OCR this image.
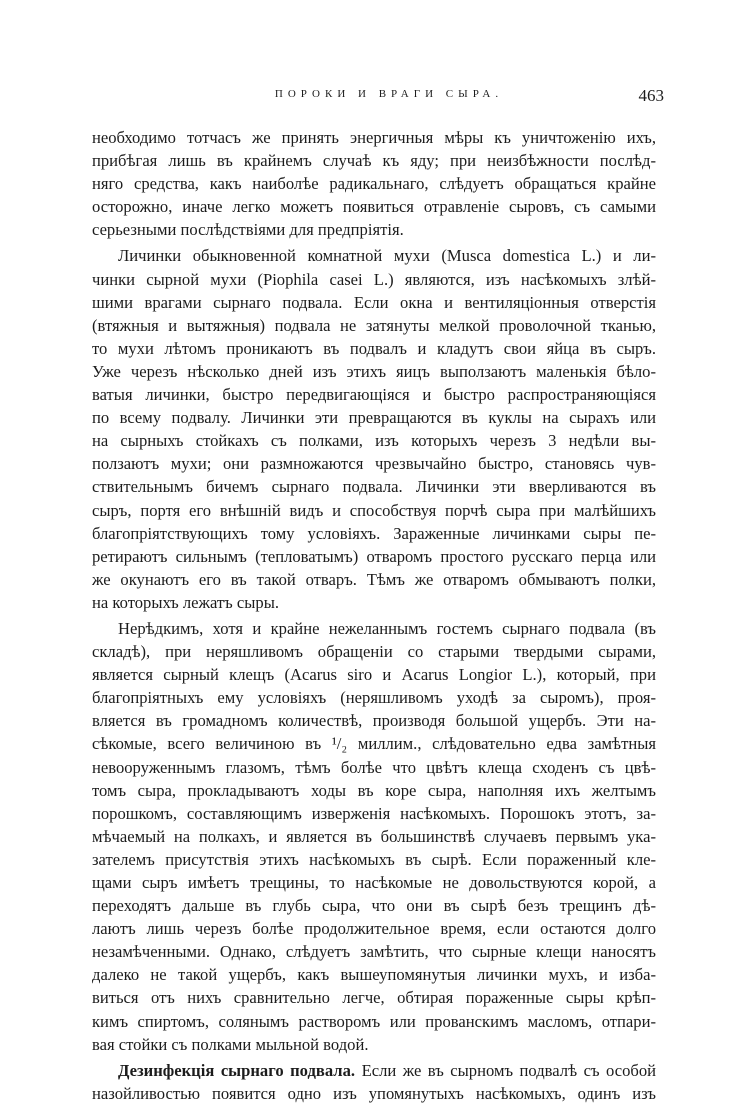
ПОРОКИ И ВРАГИ СЫРА.	463
необходимо тотчасъ же принять энергичныя мѣры къ уничтоженію ихъ,
прибѣгая лишь въ крайнемъ случаѣ къ яду; при неизбѣжности послѣд-
няго средства, какъ наиболѣе радикальнаго, слѣдуетъ обращаться крайне
осторожно, иначе легко можетъ появиться отравленіе сыровъ, съ самыми
серьезными послѣдствіями для предпріятія.
Личинки обыкновенной комнатной мухи (Musca domestica L.) и ли-
чинки сырной мухи (Piophila casei L.) являются, изъ насѣкомыхъ злѣй-
шими врагами сырнаго подвала. Если окна и вентиляціонныя отверстія
(втяжныя и вытяжныя) подвала не затянуты мелкой проволочной тканью,
то мухи лѣтомъ проникаютъ въ подвалъ и кладутъ свои яйца въ сыръ.
Уже черезъ нѣсколько дней изъ этихъ яицъ выползаютъ маленькія бѣло-
ватыя личинки, быстро передвигающіяся и быстро распространяющіяся
по всему подвалу. Личинки эти превращаются въ куклы на сырахъ или
на сырныхъ стойкахъ съ полками, изъ которыхъ черезъ 3 недѣли вы-
ползаютъ мухи; они размножаются чрезвычайно быстро, становясь чув-
ствительнымъ бичемъ сырнаго подвала. Личинки эти вверливаются въ
сыръ, портя его внѣшній видъ и способствуя порчѣ сыра при малѣйшихъ
благопріятствующихъ тому условіяхъ. Зараженные личинками сыры пе-
ретираютъ сильнымъ (тепловатымъ) отваромъ простого русскаго перца или
же окунаютъ его въ такой отваръ. Тѣмъ же отваромъ обмываютъ полки,
на которыхъ лежатъ сыры.
Нерѣдкимъ, хотя и крайне нежеланнымъ гостемъ сырнаго подвала (въ
складѣ), при неряшливомъ обращеніи со старыми твердыми сырами,
является сырный клещъ (Acarus siro и Acarus Longior L.), который, при
благопріятныхъ ему условіяхъ (неряшливомъ уходѣ за сыромъ), проя-
вляется въ громадномъ количествѣ, производя большой ущербъ. Эти на-
сѣкомые, всего величиною въ ¹/₂ миллим., слѣдовательно едва замѣтныя
невооруженнымъ глазомъ, тѣмъ болѣе что цвѣтъ клеща сходенъ съ цвѣ-
томъ сыра, прокладываютъ ходы въ коре сыра, наполняя ихъ желтымъ
порошкомъ, составляющимъ изверженія насѣкомыхъ. Порошокъ этотъ, за-
мѣчаемый на полкахъ, и является въ большинствѣ случаевъ первымъ ука-
зателемъ присутствія этихъ насѣкомыхъ въ сырѣ. Если пораженный кле-
щами сыръ имѣетъ трещины, то насѣкомые не довольствуются корой, а
переходятъ дальше въ глубь сыра, что они въ сырѣ безъ трещинъ дѣ-
лаютъ лишь черезъ болѣе продолжительное время, если остаются долго
незамѣченными. Однако, слѣдуетъ замѣтить, что сырные клещи наносятъ
далеко не такой ущербъ, какъ вышеупомянутыя личинки мухъ, и избa-
виться отъ нихъ сравнительно легче, обтирая пораженные сыры крѣп-
кимъ спиртомъ, солянымъ растворомъ или прованскимъ масломъ, отпари-
вая стойки съ полками мыльной водой.
Дезинфекція сырнаго подвала. Если же въ сырномъ подвалѣ съ особой
назойливостью появится одно изъ упомянутыхъ насѣкомыхъ, одинъ изъ
